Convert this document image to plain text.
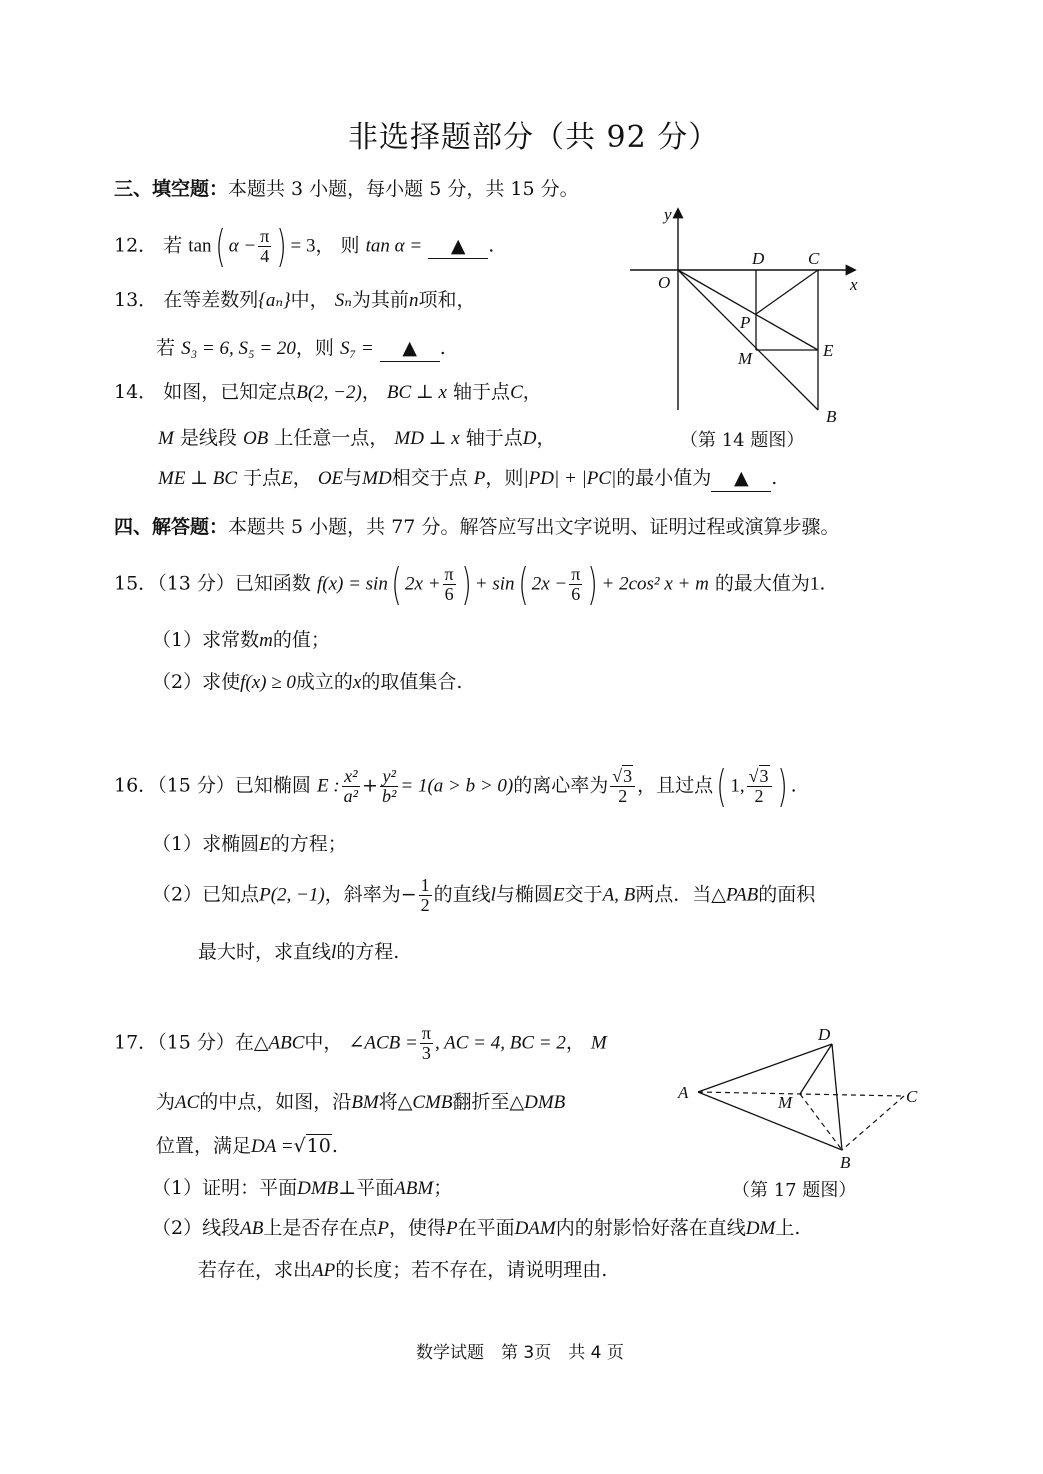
非选择题部分（共 92 分）
三、填空题：本题共 3 小题，每小题 5 分，共 15 分。
12． 若 tan( $\alpha - \frac{\pi}{4}$ ) = 3， 则 tan α = ▲ .
13． 在等差数列{aₙ}中， Sₙ为其前n项和，
若 S₃ = 6, S₅ = 20，则 S₇ = ▲ .
14． 如图，已知定点B(2, −2)， BC ⊥ x 轴于点C，
M 是线段 OB 上任意一点， MD ⊥ x 轴于点D，
ME ⊥ BC 于点E， OE与MD相交于点 P，则|PD| + |PC|的最小值为 ▲ .
y
x
O
D	C
P
M	E
B
（第 14 题图）
四、解答题：本题共 5 小题，共 77 分。解答应写出文字说明、证明过程或演算步骤。
15．（13 分）已知函数 f(x) = sin( $2x + \frac{\pi}{6}$ ) + sin( $2x - \frac{\pi}{6}$ ) + 2cos² x + m 的最大值为1.
（1）求常数m的值；
（2）求使f(x) ≥ 0成立的x的取值集合.
16．（15 分）已知椭圆 E : $\frac{\text{x²}}{\text{a²}} + \frac{\text{y²}}{\text{b²}} = 1(a > b > 0)$的离心率为 $\frac{√3}{2}$ ，且过点( 1, $\frac{√3}{2}$ ) .
（1）求椭圆E的方程；
（2）已知点P(2, −1)，斜率为− $\frac{1}{2}$ 的直线l与椭圆E交于A, B两点．当△PAB的面积
最大时，求直线l的方程.
17．（15 分）在△ABC中， ∠ACB = $\frac{\pi}{3}$ , AC = 4, BC = 2， M
为AC的中点，如图，沿BM将△CMB翻折至△DMB
位置，满足DA =√10.
（1）证明：平面DMB⊥平面ABM；
（2）线段AB上是否存在点P，使得P在平面DAM内的射影恰好落在直线DM上.
若存在，求出AP的长度；若不存在，请说明理由.
A
D
M	C
B
（第 17 题图）
数学试题　第 3页　共 4 页
